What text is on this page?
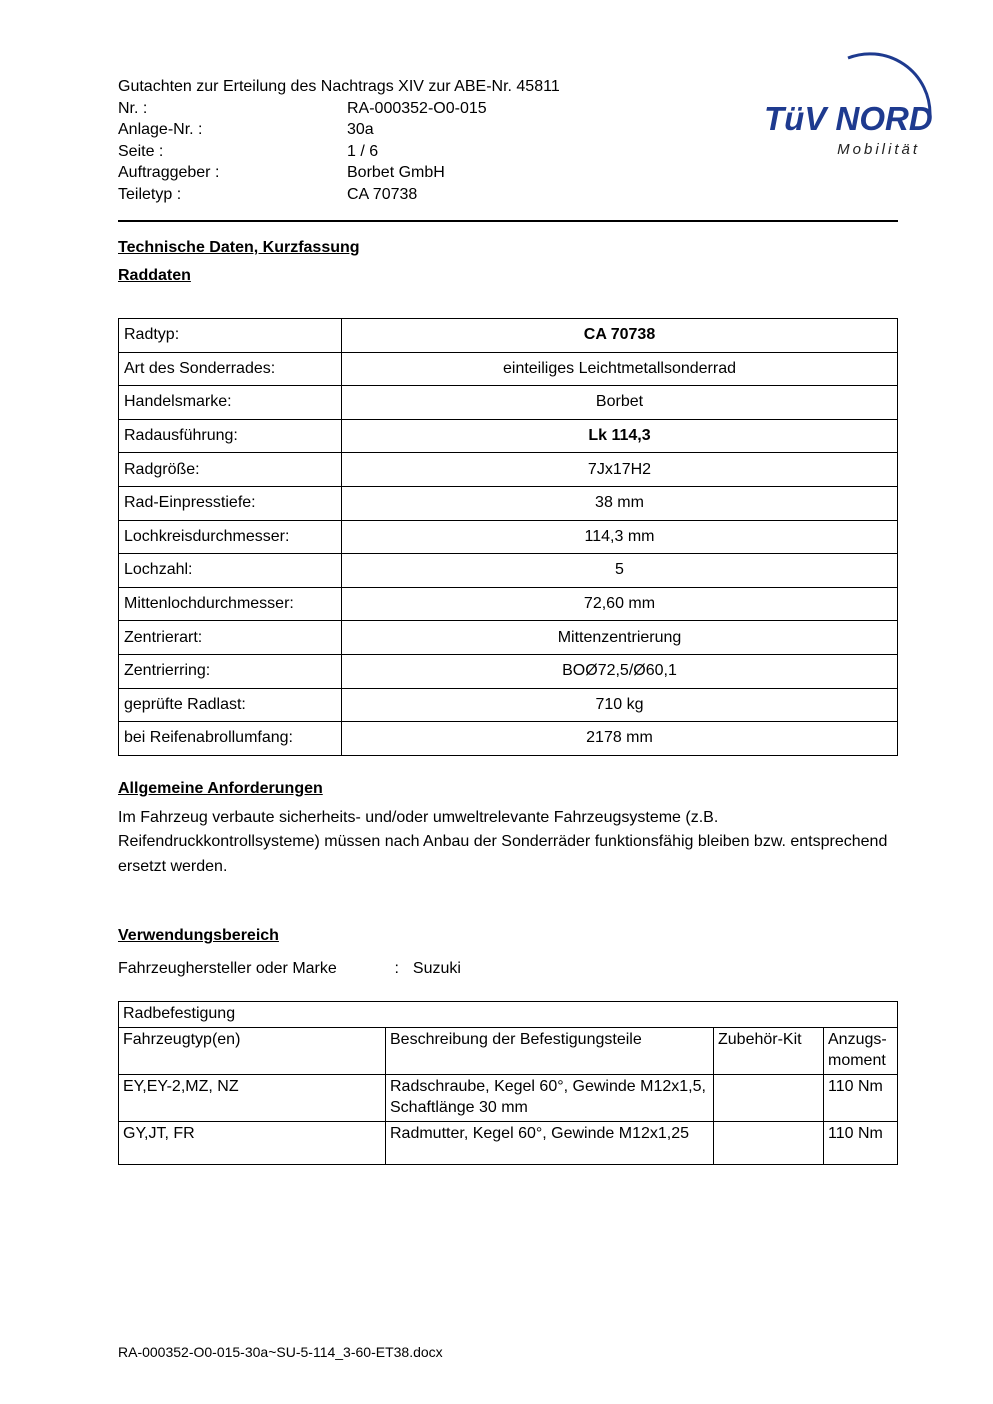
TüV NORD
Mobilität
Gutachten zur Erteilung des Nachtrags XIV zur ABE-Nr. 45811
Nr. :	RA-000352-O0-015
Anlage-Nr. :	30a
Seite :	1 / 6
Auftraggeber :	Borbet GmbH
Teiletyp :	CA 70738
Technische Daten, Kurzfassung
Raddaten
Radtyp:	CA 70738
Art des Sonderrades:	einteiliges Leichtmetallsonderrad
Handelsmarke:	Borbet
Radausführung:	Lk 114,3
Radgröße:	7Jx17H2
Rad-Einpresstiefe:	38 mm
Lochkreisdurchmesser:	114,3 mm
Lochzahl:	5
Mittenlochdurchmesser:	72,60 mm
Zentrierart:	Mittenzentrierung
Zentrierring:	BOØ72,5/Ø60,1
geprüfte Radlast:	710 kg
bei Reifenabrollumfang:	2178 mm
Allgemeine Anforderungen
Im Fahrzeug verbaute sicherheits- und/oder umweltrelevante Fahrzeugsysteme (z.B. Reifendruckkontrollsysteme) müssen nach Anbau der Sonderräder funktionsfähig bleiben bzw. entsprechend ersetzt werden.
Verwendungsbereich
Fahrzeughersteller oder Marke	: Suzuki
Radbefestigung			
Fahrzeugtyp(en)	Beschreibung der Befestigungsteile	Zubehör-Kit	Anzugs-moment
EY,EY-2,MZ, NZ	Radschraube, Kegel 60°, Gewinde M12x1,5, Schaftlänge 30 mm		110 Nm
GY,JT, FR	Radmutter, Kegel 60°, Gewinde M12x1,25		110 Nm
RA-000352-O0-015-30a~SU-5-114_3-60-ET38.docx
